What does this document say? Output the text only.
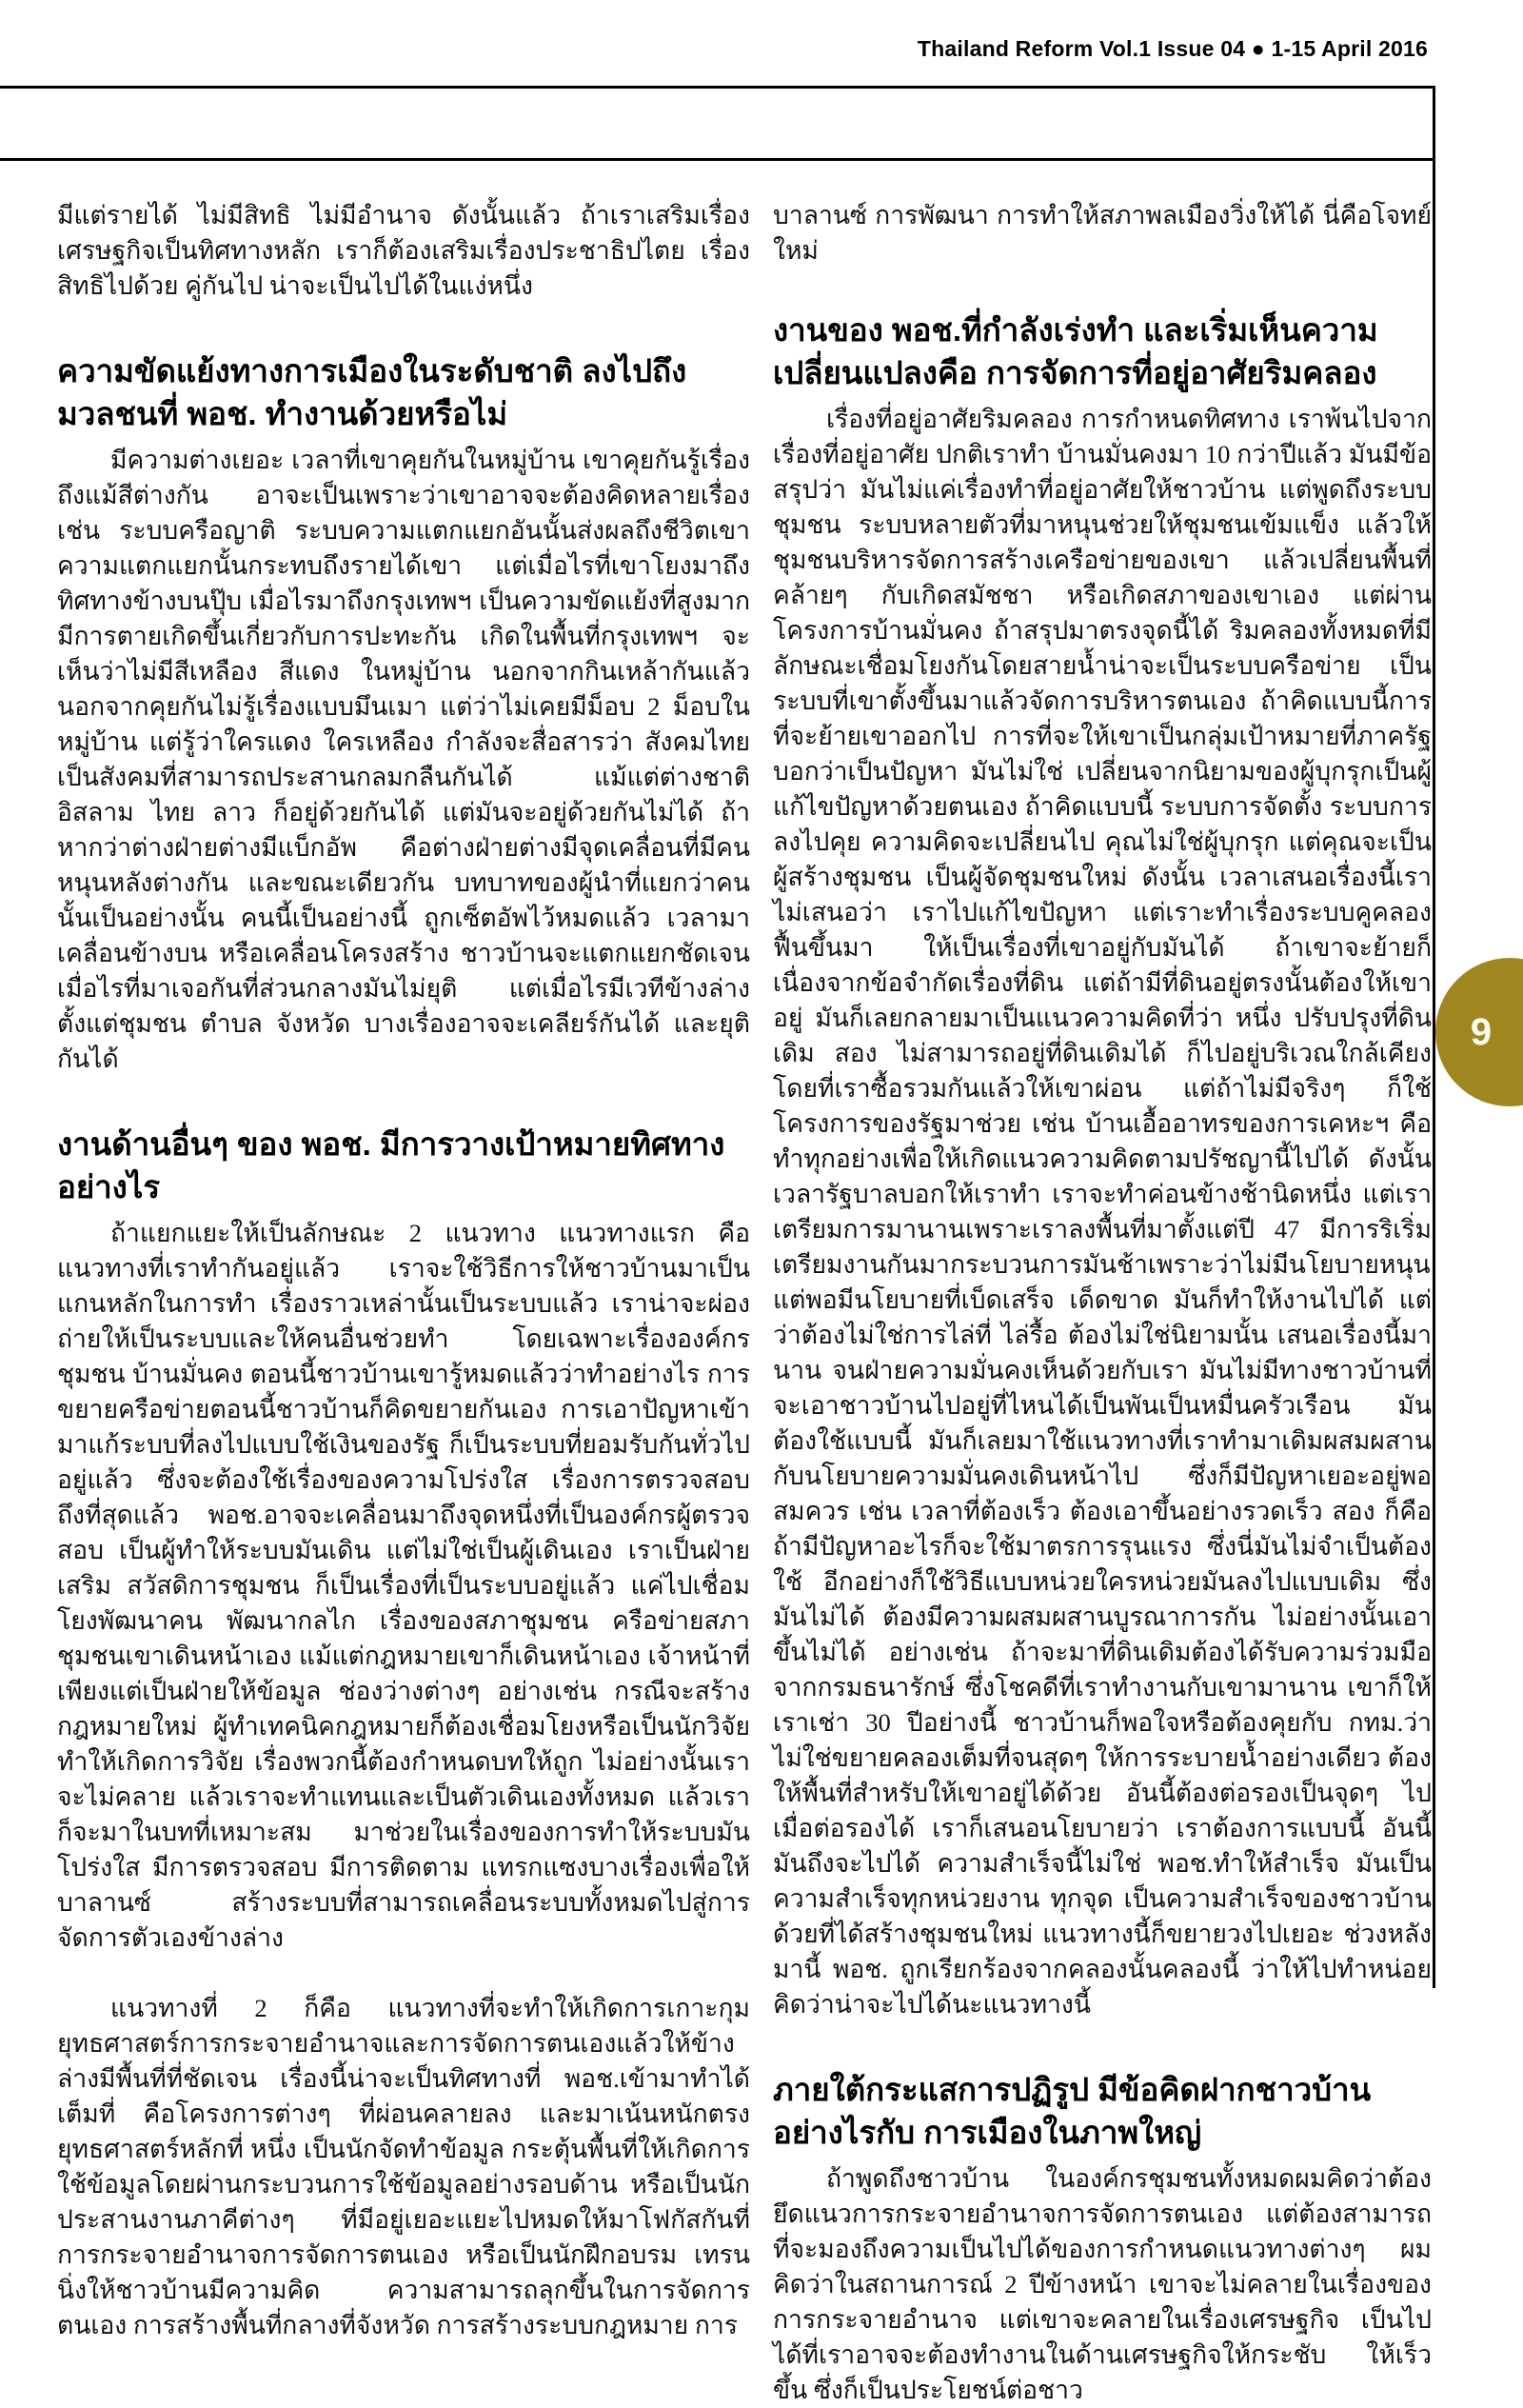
Thailand Reform Vol.1 Issue 04 ● 1-15 April 2016

มีแต่รายได้ ไม่มีสิทธิ ไม่มีอำนาจ ดังนั้นแล้ว ถ้าเราเสริมเรื่องเศรษฐกิจเป็นทิศทางหลัก เราก็ต้องเสริมเรื่องประชาธิปไตย เรื่องสิทธิไปด้วย คู่กันไป น่าจะเป็นไปได้ในแง่หนึ่ง

ความขัดแย้งทางการเมืองในระดับชาติ ลงไปถึงมวลชนที่ พอช. ทำงานด้วยหรือไม่

มีความต่างเยอะ เวลาที่เขาคุยกันในหมู่บ้าน เขาคุยกันรู้เรื่อง ถึงแม้สีต่างกัน อาจะเป็นเพราะว่าเขาอาจจะต้องคิดหลายเรื่อง เช่น ระบบครือญาติ ระบบความแตกแยกอันนั้นส่งผลถึงชีวิตเขา ความแตกแยกนั้นกระทบถึงรายได้เขา แต่เมื่อไรที่เขาโยงมาถึงทิศทางข้างบนปุ๊บ เมื่อไรมาถึงกรุงเทพฯ เป็นความขัดแย้งที่สูงมาก มีการตายเกิดขึ้นเกี่ยวกับการปะทะกัน เกิดในพื้นที่กรุงเทพฯ จะเห็นว่าไม่มีสีเหลือง สีแดง ในหมู่บ้าน นอกจากกินเหล้ากันแล้วนอกจากคุยกันไม่รู้เรื่องแบบมึนเมา แต่ว่าไม่เคยมีม็อบ 2 ม็อบในหมู่บ้าน แต่รู้ว่าใครแดง ใครเหลือง กำลังจะสื่อสารว่า สังคมไทยเป็นสังคมที่สามารถประสานกลมกลืนกันได้ แม้แต่ต่างชาติ อิสลาม ไทย ลาว ก็อยู่ด้วยกันได้ แต่มันจะอยู่ด้วยกันไม่ได้ ถ้าหากว่าต่างฝ่ายต่างมีแบ็กอัพ คือต่างฝ่ายต่างมีจุดเคลื่อนที่มีคนหนุนหลังต่างกัน และขณะเดียวกัน บทบาทของผู้นำที่แยกว่าคนนั้นเป็นอย่างนั้น คนนี้เป็นอย่างนี้ ถูกเซ็ตอัพไว้หมดแล้ว เวลามาเคลื่อนข้างบน หรือเคลื่อนโครงสร้าง ชาวบ้านจะแตกแยกชัดเจน เมื่อไรที่มาเจอกันที่ส่วนกลางมันไม่ยุติ แต่เมื่อไรมีเวทีข้างล่าง ตั้งแต่ชุมชน ตำบล จังหวัด บางเรื่องอาจจะเคลียร์กันได้ และยุติกันได้

งานด้านอื่นๆ ของ พอช. มีการวางเป้าหมายทิศทางอย่างไร

ถ้าแยกแยะให้เป็นลักษณะ 2 แนวทาง แนวทางแรก คือ แนวทางที่เราทำกันอยู่แล้ว เราจะใช้วิธีการให้ชาวบ้านมาเป็นแกนหลักในการทำ เรื่องราวเหล่านั้นเป็นระบบแล้ว เราน่าจะผ่องถ่ายให้เป็นระบบและให้คนอื่นช่วยทำ โดยเฉพาะเรื่ององค์กรชุมชน บ้านมั่นคง ตอนนี้ชาวบ้านเขารู้หมดแล้วว่าทำอย่างไร การขยายครือข่ายตอนนี้ชาวบ้านก็คิดขยายกันเอง การเอาปัญหาเข้ามาแก้ระบบที่ลงไปแบบใช้เงินของรัฐ ก็เป็นระบบที่ยอมรับกันทั่วไปอยู่แล้ว ซึ่งจะต้องใช้เรื่องของความโปร่งใส เรื่องการตรวจสอบ ถึงที่สุดแล้ว พอช.อาจจะเคลื่อนมาถึงจุดหนึ่งที่เป็นองค์กรผู้ตรวจสอบ เป็นผู้ทำให้ระบบมันเดิน แต่ไม่ใช่เป็นผู้เดินเอง เราเป็นฝ่ายเสริม สวัสดิการชุมชน ก็เป็นเรื่องที่เป็นระบบอยู่แล้ว แค่ไปเชื่อมโยงพัฒนาคน พัฒนากลไก เรื่องของสภาชุมชน ครือข่ายสภาชุมชนเขาเดินหน้าเอง แม้แต่กฎหมายเขาก็เดินหน้าเอง เจ้าหน้าที่เพียงแต่เป็นฝ่ายให้ข้อมูล ช่องว่างต่างๆ อย่างเช่น กรณีจะสร้างกฎหมายใหม่ ผู้ทำเทคนิคกฎหมายก็ต้องเชื่อมโยงหรือเป็นนักวิจัย ทำให้เกิดการวิจัย เรื่องพวกนี้ต้องกำหนดบทให้ถูก ไม่อย่างนั้นเราจะไม่คลาย แล้วเราจะทำแทนและเป็นตัวเดินเองทั้งหมด แล้วเราก็จะมาในบทที่เหมาะสม มาช่วยในเรื่องของการทำให้ระบบมันโปร่งใส มีการตรวจสอบ มีการติดตาม แทรกแซงบางเรื่องเพื่อให้บาลานซ์ สร้างระบบที่สามารถเคลื่อนระบบทั้งหมดไปสู่การจัดการตัวเองข้างล่าง

แนวทางที่ 2 ก็คือ แนวทางที่จะทำให้เกิดการเกาะกุมยุทธศาสตร์การกระจายอำนาจและการจัดการตนเองแล้วให้ข้างล่างมีพื้นที่ที่ชัดเจน เรื่องนี้น่าจะเป็นทิศทางที่ พอช.เข้ามาทำได้เต็มที่ คือโครงการต่างๆ ที่ผ่อนคลายลง และมาเน้นหนักตรงยุทธศาสตร์หลักที่ หนึ่ง เป็นนักจัดทำข้อมูล กระตุ้นพื้นที่ให้เกิดการใช้ข้อมูลโดยผ่านกระบวนการใช้ข้อมูลอย่างรอบด้าน หรือเป็นนักประสานงานภาคีต่างๆ ที่มีอยู่เยอะแยะไปหมดให้มาโฟกัสกันที่การกระจายอำนาจการจัดการตนเอง หรือเป็นนักฝึกอบรม เทรนนิ่งให้ชาวบ้านมีความคิด ความสามารถลุกขึ้นในการจัดการตนเอง การสร้างพื้นที่กลางที่จังหวัด การสร้างระบบกฎหมาย การ

บาลานซ์ การพัฒนา การทำให้สภาพลเมืองวิ่งให้ได้ นี่คือโจทย์ใหม่

งานของ พอช.ที่กำลังเร่งทำ และเริ่มเห็นความเปลี่ยนแปลงคือ การจัดการที่อยู่อาศัยริมคลอง

เรื่องที่อยู่อาศัยริมคลอง การกำหนดทิศทาง เราพ้นไปจากเรื่องที่อยู่อาศัย ปกติเราทำ บ้านมั่นคงมา 10 กว่าปีแล้ว มันมีข้อสรุปว่า มันไม่แค่เรื่องทำที่อยู่อาศัยให้ชาวบ้าน แต่พูดถึงระบบชุมชน ระบบหลายตัวที่มาหนุนช่วยให้ชุมชนเข้มแข็ง แล้วให้ชุมชนบริหารจัดการสร้างเครือข่ายของเขา แล้วเปลี่ยนพื้นที่คล้ายๆ กับเกิดสมัชชา หรือเกิดสภาของเขาเอง แต่ผ่านโครงการบ้านมั่นคง ถ้าสรุปมาตรงจุดนี้ได้ ริมคลองทั้งหมดที่มีลักษณะเชื่อมโยงกันโดยสายน้ำน่าจะเป็นระบบครือข่าย เป็นระบบที่เขาตั้งขึ้นมาแล้วจัดการบริหารตนเอง ถ้าคิดแบบนี้การที่จะย้ายเขาออกไป การที่จะให้เขาเป็นกลุ่มเป้าหมายที่ภาครัฐบอกว่าเป็นปัญหา มันไม่ใช่ เปลี่ยนจากนิยามของผู้บุกรุกเป็นผู้แก้ไขปัญหาด้วยตนเอง ถ้าคิดแบบนี้ ระบบการจัดตั้ง ระบบการลงไปคุย ความคิดจะเปลี่ยนไป คุณไม่ใช่ผู้บุกรุก แต่คุณจะเป็นผู้สร้างชุมชน เป็นผู้จัดชุมชนใหม่ ดังนั้น เวลาเสนอเรื่องนี้เราไม่เสนอว่า เราไปแก้ไขปัญหา แต่เราะทำเรื่องระบบคูคลอง ฟื้นขึ้นมา ให้เป็นเรื่องที่เขาอยู่กับมันได้ ถ้าเขาจะย้ายก็เนื่องจากข้อจำกัดเรื่องที่ดิน แต่ถ้ามีที่ดินอยู่ตรงนั้นต้องให้เขาอยู่ มันก็เลยกลายมาเป็นแนวความคิดที่ว่า หนึ่ง ปรับปรุงที่ดินเดิม สอง ไม่สามารถอยู่ที่ดินเดิมได้ ก็ไปอยู่บริเวณใกล้เคียง โดยที่เราซื้อรวมกันแล้วให้เขาผ่อน แต่ถ้าไม่มีจริงๆ ก็ใช้โครงการของรัฐมาช่วย เช่น บ้านเอื้ออาทรของการเคหะฯ คือทำทุกอย่างเพื่อให้เกิดแนวความคิดตามปรัชญานี้ไปได้ ดังนั้นเวลารัฐบาลบอกให้เราทำ เราจะทำค่อนข้างช้านิดหนึ่ง แต่เราเตรียมการมานานเพราะเราลงพื้นที่มาตั้งแต่ปี 47 มีการริเริ่มเตรียมงานกันมากระบวนการมันช้าเพราะว่าไม่มีนโยบายหนุน แต่พอมีนโยบายที่เบ็ดเสร็จ เด็ดขาด มันก็ทำให้งานไปได้ แต่ว่าต้องไม่ใช่การไล่ที่ ไล่รื้อ ต้องไม่ใช่นิยามนั้น เสนอเรื่องนี้มานาน จนฝ่ายความมั่นคงเห็นด้วยกับเรา มันไม่มีทางชาวบ้านที่จะเอาชาวบ้านไปอยู่ที่ไหนได้เป็นพันเป็นหมื่นครัวเรือน มันต้องใช้แบบนี้ มันก็เลยมาใช้แนวทางที่เราทำมาเดิมผสมผสานกับนโยบายความมั่นคงเดินหน้าไป ซึ่งก็มีปัญหาเยอะอยู่พอสมควร เช่น เวลาที่ต้องเร็ว ต้องเอาขึ้นอย่างรวดเร็ว สอง ก็คือ ถ้ามีปัญหาอะไรก็จะใช้มาตรการรุนแรง ซึ่งนี่มันไม่จำเป็นต้องใช้ อีกอย่างก็ใช้วิธีแบบหน่วยใครหน่วยมันลงไปแบบเดิม ซึ่งมันไม่ได้ ต้องมีความผสมผสานบูรณาการกัน ไม่อย่างนั้นเอาขึ้นไม่ได้ อย่างเช่น ถ้าจะมาที่ดินเดิมต้องได้รับความร่วมมือจากกรมธนารักษ์ ซึ่งโชคดีที่เราทำงานกับเขามานาน เขาก็ให้เราเช่า 30 ปีอย่างนี้ ชาวบ้านก็พอใจหรือต้องคุยกับ กทม.ว่า ไม่ใช่ขยายคลองเต็มที่จนสุดๆ ให้การระบายน้ำอย่างเดียว ต้องให้พื้นที่สำหรับให้เขาอยู่ได้ด้วย อันนี้ต้องต่อรองเป็นจุดๆ ไป เมื่อต่อรองได้ เราก็เสนอนโยบายว่า เราต้องการแบบนี้ อันนี้มันถึงจะไปได้ ความสำเร็จนี้ไม่ใช่ พอช.ทำให้สำเร็จ มันเป็นความสำเร็จทุกหน่วยงาน ทุกจุด เป็นความสำเร็จของชาวบ้านด้วยที่ได้สร้างชุมชนใหม่ แนวทางนี้ก็ขยายวงไปเยอะ ช่วงหลังมานี้ พอช. ถูกเรียกร้องจากคลองนั้นคลองนี้ ว่าให้ไปทำหน่อย คิดว่าน่าจะไปได้นะแนวทางนี้

ภายใต้กระแสการปฏิรูป มีข้อคิดฝากชาวบ้านอย่างไรกับ การเมืองในภาพใหญ่

ถ้าพูดถึงชาวบ้าน ในองค์กรชุมชนทั้งหมดผมคิดว่าต้องยึดแนวการกระจายอำนาจการจัดการตนเอง แต่ต้องสามารถที่จะมองถึงความเป็นไปได้ของการกำหนดแนวทางต่างๆ ผมคิดว่าในสถานการณ์ 2 ปีข้างหน้า เขาจะไม่คลายในเรื่องของการกระจายอำนาจ แต่เขาจะคลายในเรื่องเศรษฐกิจ เป็นไปได้ที่เราอาจจะต้องทำงานในด้านเศรษฐกิจให้กระชับ ให้เร็วขึ้น ซึ่งก็เป็นประโยชน์ต่อชาว

9
